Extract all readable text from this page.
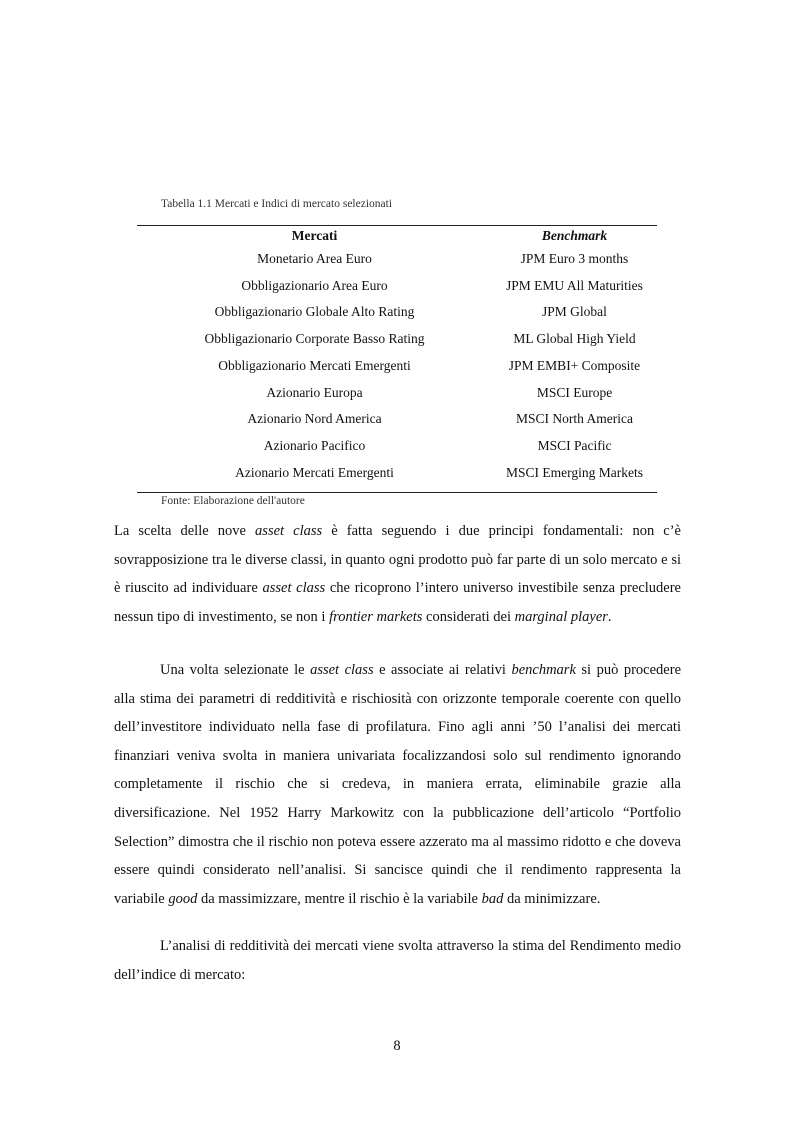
Tabella 1.1 Mercati e Indici di mercato selezionati
Mercati	Benchmark
Monetario Area Euro	JPM Euro 3 months
Obbligazionario Area Euro	JPM EMU All Maturities
Obbligazionario Globale Alto Rating	JPM Global
Obbligazionario Corporate Basso Rating	ML Global High Yield
Obbligazionario Mercati Emergenti	JPM EMBI+ Composite
Azionario Europa	MSCI Europe
Azionario Nord America	MSCI North America
Azionario Pacifico	MSCI Pacific
Azionario Mercati Emergenti	MSCI Emerging Markets
Fonte: Elaborazione dell'autore

La scelta delle nove asset class è fatta seguendo i due principi fondamentali: non c’è sovrapposizione tra le diverse classi, in quanto ogni prodotto può far parte di un solo mercato e si è riuscito ad individuare asset class che ricoprono l’intero universo investibile senza precludere nessun tipo di investimento, se non i frontier markets considerati dei marginal player.

Una volta selezionate le asset class e associate ai relativi benchmark si può procedere alla stima dei parametri di redditività e rischiosità con orizzonte temporale coerente con quello dell’investitore individuato nella fase di profilatura. Fino agli anni ’50 l’analisi dei mercati finanziari veniva svolta in maniera univariata focalizzandosi solo sul rendimento ignorando completamente il rischio che si credeva, in maniera errata, eliminabile grazie alla diversificazione. Nel 1952 Harry Markowitz con la pubblicazione dell’articolo “Portfolio Selection” dimostra che il rischio non poteva essere azzerato ma al massimo ridotto e che doveva essere quindi considerato nell’analisi. Si sancisce quindi che il rendimento rappresenta la variabile good da massimizzare, mentre il rischio è la variabile bad da minimizzare.

L’analisi di redditività dei mercati viene svolta attraverso la stima del Rendimento medio dell’indice di mercato:

8
